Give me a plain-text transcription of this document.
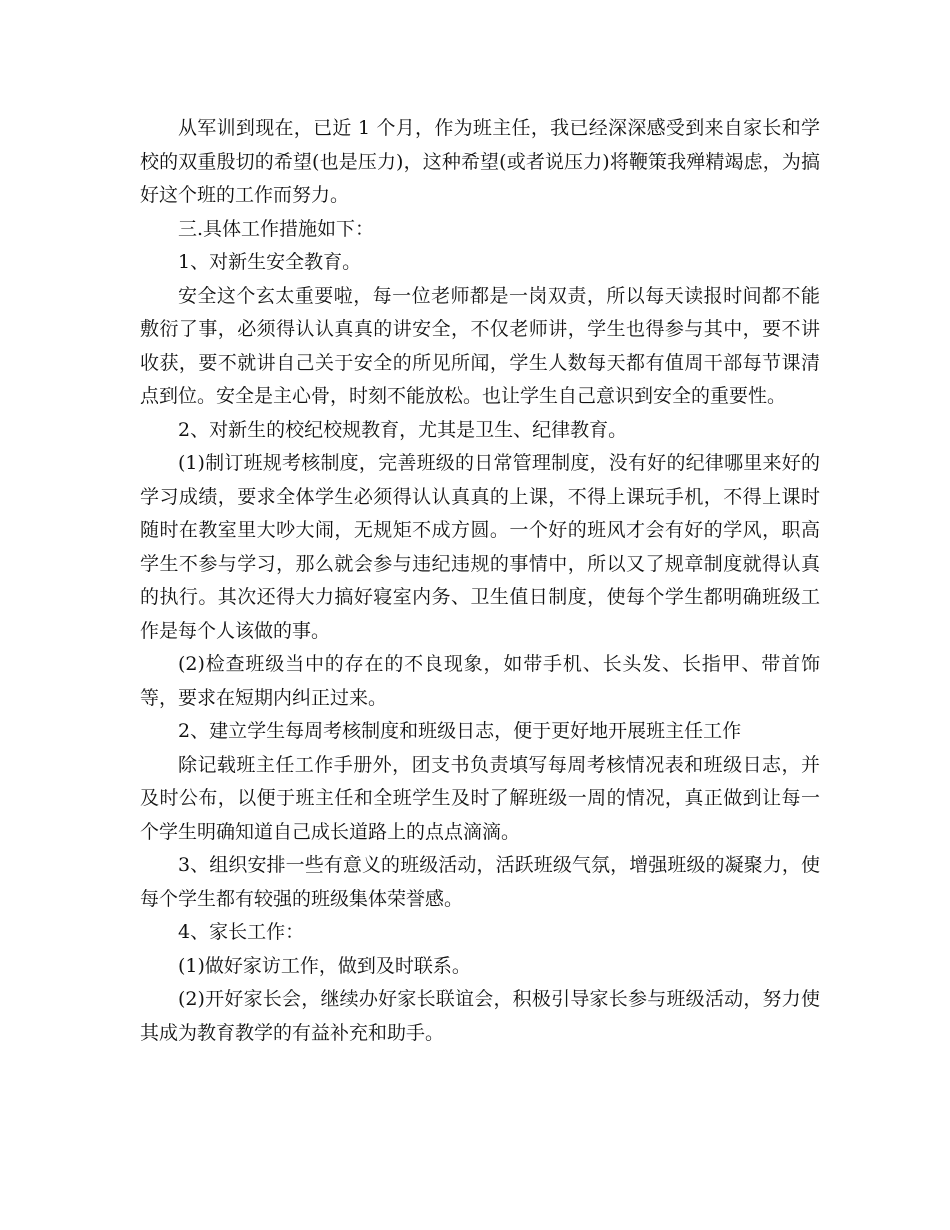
从军训到现在，已近 1 个月，作为班主任，我已经深深感受到来自家长和学校的双重殷切的希望(也是压力)，这种希望(或者说压力)将鞭策我殚精竭虑，为搞好这个班的工作而努力。

三.具体工作措施如下：

1、对新生安全教育。

安全这个玄太重要啦，每一位老师都是一岗双责，所以每天读报时间都不能敷衍了事，必须得认认真真的讲安全，不仅老师讲，学生也得参与其中，要不讲收获，要不就讲自己关于安全的所见所闻，学生人数每天都有值周干部每节课清点到位。安全是主心骨，时刻不能放松。也让学生自己意识到安全的重要性。

2、对新生的校纪校规教育，尤其是卫生、纪律教育。

(1)制订班规考核制度，完善班级的日常管理制度，没有好的纪律哪里来好的学习成绩，要求全体学生必须得认认真真的上课，不得上课玩手机，不得上课时随时在教室里大吵大闹，无规矩不成方圆。一个好的班风才会有好的学风，职高学生不参与学习，那么就会参与违纪违规的事情中，所以又了规章制度就得认真的执行。其次还得大力搞好寝室内务、卫生值日制度，使每个学生都明确班级工作是每个人该做的事。

(2)检查班级当中的存在的不良现象，如带手机、长头发、长指甲、带首饰等，要求在短期内纠正过来。

2、建立学生每周考核制度和班级日志，便于更好地开展班主任工作

除记载班主任工作手册外，团支书负责填写每周考核情况表和班级日志，并及时公布，以便于班主任和全班学生及时了解班级一周的情况，真正做到让每一个学生明确知道自己成长道路上的点点滴滴。

3、组织安排一些有意义的班级活动，活跃班级气氛，增强班级的凝聚力，使每个学生都有较强的班级集体荣誉感。

4、家长工作：

(1)做好家访工作，做到及时联系。

(2)开好家长会，继续办好家长联谊会，积极引导家长参与班级活动，努力使其成为教育教学的有益补充和助手。
